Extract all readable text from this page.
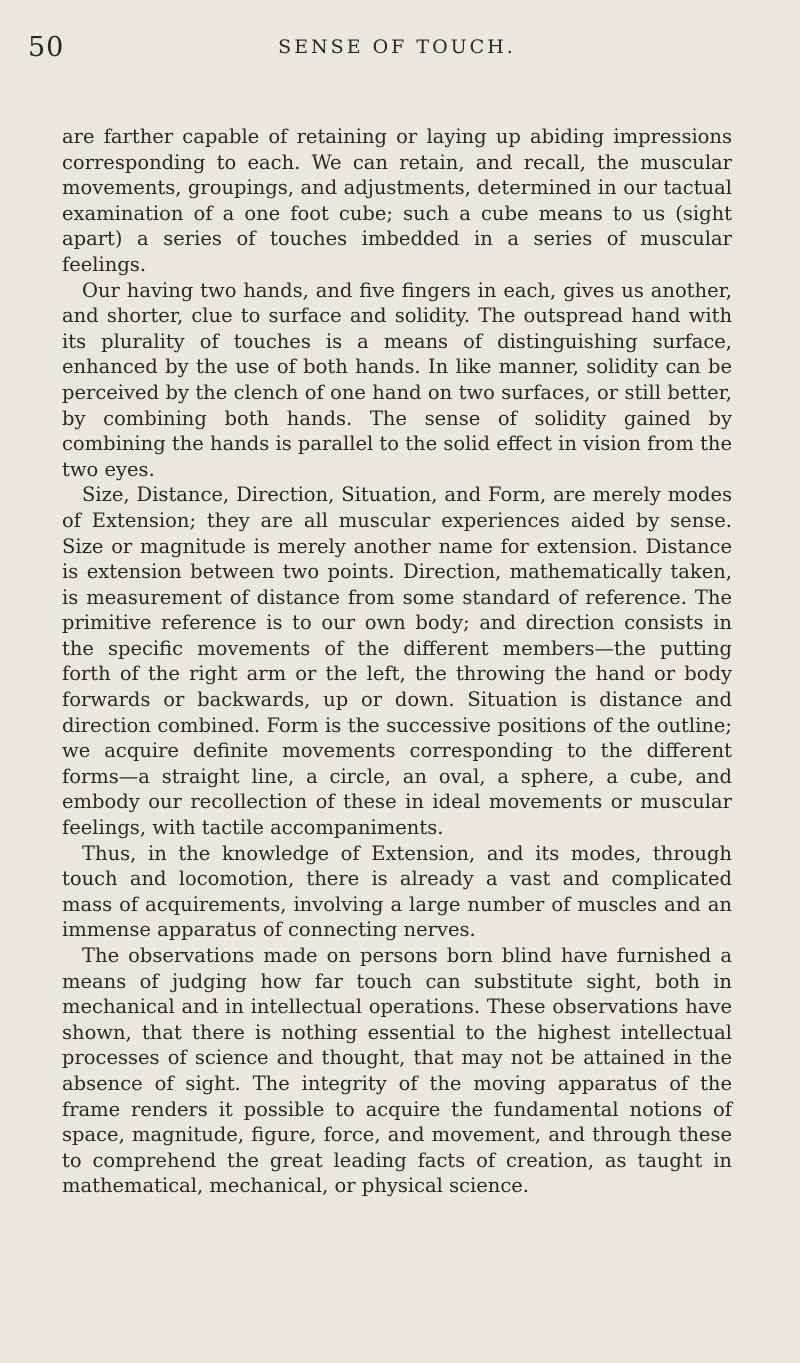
50	SENSE OF TOUCH.

are farther capable of retaining or laying up abiding impressions corresponding to each. We can retain, and recall, the muscular movements, groupings, and adjustments, determined in our tactual examination of a one foot cube; such a cube means to us (sight apart) a series of touches imbedded in a series of muscular feelings.

Our having two hands, and five fingers in each, gives us another, and shorter, clue to surface and solidity. The outspread hand with its plurality of touches is a means of distinguishing surface, enhanced by the use of both hands. In like manner, solidity can be perceived by the clench of one hand on two surfaces, or still better, by combining both hands. The sense of solidity gained by combining the hands is parallel to the solid effect in vision from the two eyes.

Size, Distance, Direction, Situation, and Form, are merely modes of Extension; they are all muscular experiences aided by sense. Size or magnitude is merely another name for extension. Distance is extension between two points. Direction, mathematically taken, is measurement of distance from some standard of reference. The primitive reference is to our own body; and direction consists in the specific movements of the different members—the putting forth of the right arm or the left, the throwing the hand or body forwards or backwards, up or down. Situation is distance and direction combined. Form is the successive positions of the outline; we acquire definite movements corresponding to the different forms—a straight line, a circle, an oval, a sphere, a cube, and embody our recollection of these in ideal movements or muscular feelings, with tactile accompaniments.

Thus, in the knowledge of Extension, and its modes, through touch and locomotion, there is already a vast and complicated mass of acquirements, involving a large number of muscles and an immense apparatus of connecting nerves.

The observations made on persons born blind have furnished a means of judging how far touch can substitute sight, both in mechanical and in intellectual operations. These observations have shown, that there is nothing essential to the highest intellectual processes of science and thought, that may not be attained in the absence of sight. The integrity of the moving apparatus of the frame renders it possible to acquire the fundamental notions of space, magnitude, figure, force, and movement, and through these to comprehend the great leading facts of creation, as taught in mathematical, mechanical, or physical science.
